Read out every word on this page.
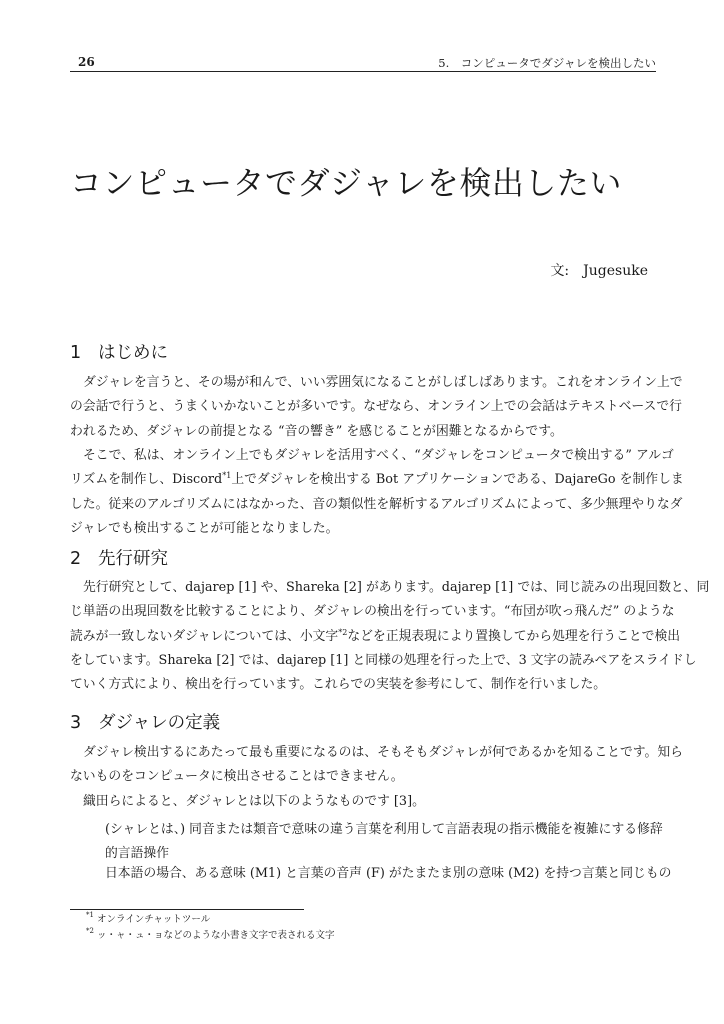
26	5.　コンピュータでダジャレを検出したい
コンピュータでダジャレを検出したい
文:　Jugesuke
1 はじめに
ダジャレを言うと、その場が和んで、いい雰囲気になることがしばしばあります。これをオンライン上で
の会話で行うと、うまくいかないことが多いです。なぜなら、オンライン上での会話はテキストベースで行
われるため、ダジャレの前提となる “音の響き” を感じることが困難となるからです。
そこで、私は、オンライン上でもダジャレを活用すべく、“ダジャレをコンピュータで検出する” アルゴ
リズムを制作し、Discord$^{*1}$上でダジャレを検出する Bot アプリケーションである、DajareGo を制作しま
した。従来のアルゴリズムにはなかった、音の類似性を解析するアルゴリズムによって、多少無理やりなダ
ジャレでも検出することが可能となりました。
2 先行研究
先行研究として、dajarep [1] や、Shareka [2] があります。dajarep [1] では、同じ読みの出現回数と、同
じ単語の出現回数を比較することにより、ダジャレの検出を行っています。“布団が吹っ飛んだ” のような
読みが一致しないダジャレについては、小文字$^{*2}$などを正規表現により置換してから処理を行うことで検出
をしています。Shareka [2] では、dajarep [1] と同様の処理を行った上で、3 文字の読みペアをスライドし
ていく方式により、検出を行っています。これらでの実装を参考にして、制作を行いました。
3 ダジャレの定義
ダジャレ検出するにあたって最も重要になるのは、そもそもダジャレが何であるかを知ることです。知ら
ないものをコンピュータに検出させることはできません。
織田らによると、ダジャレとは以下のようなものです [3]。
(シャレとは、) 同音または類音で意味の違う言葉を利用して言語表現の指示機能を複雑にする修辞
的言語操作
日本語の場合、ある意味 (M1) と言葉の音声 (F) がたまたま別の意味 (M2) を持つ言葉と同じもの
$^{*1}$ オンラインチャットツール
$^{*2}$ ッ・ャ・ュ・ョなどのような小書き文字で表される文字
